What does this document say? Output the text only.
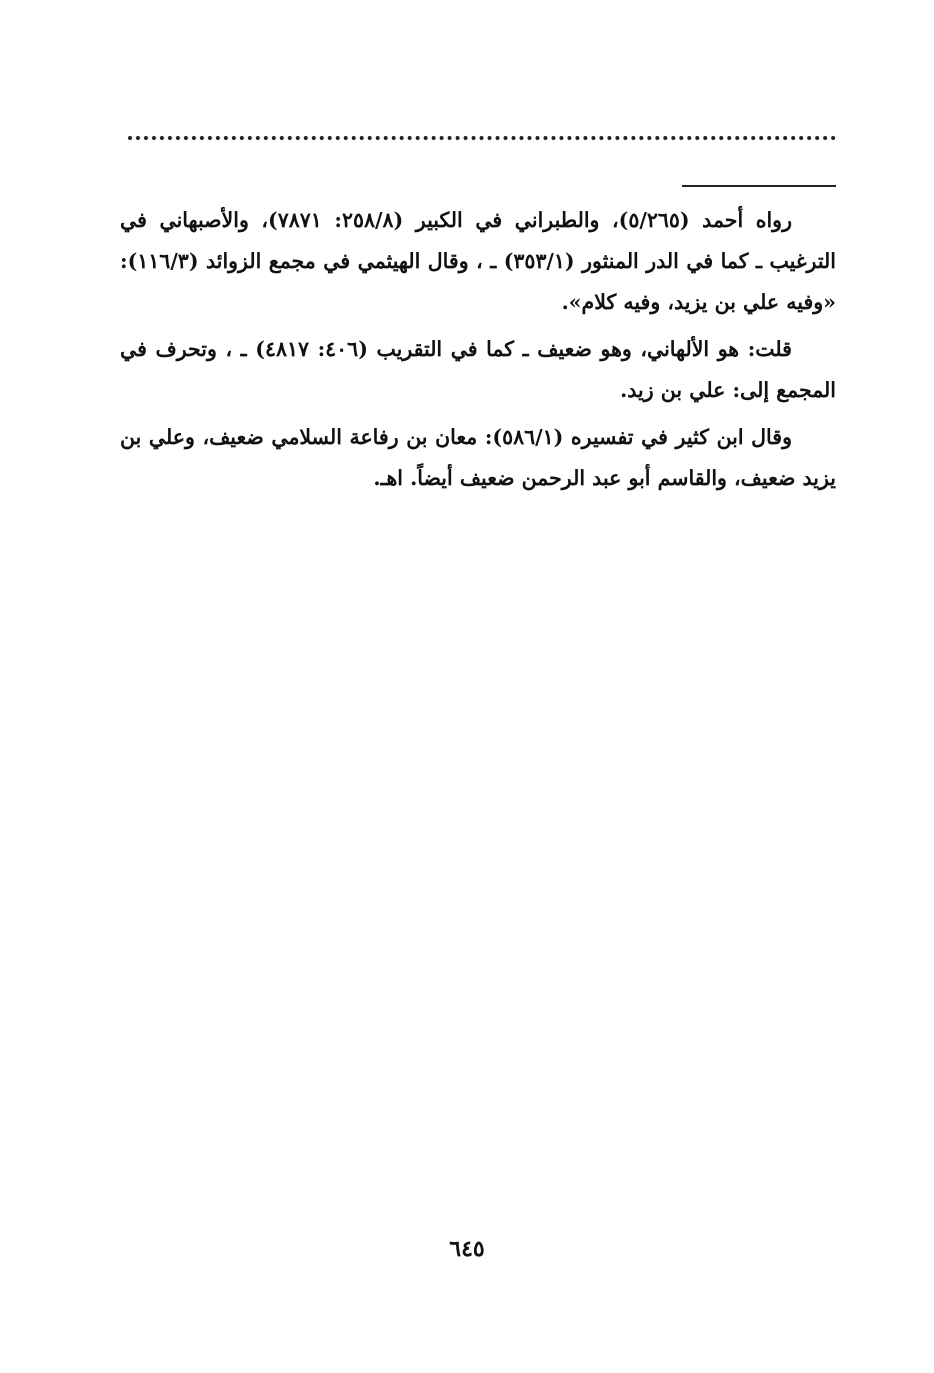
رواه أحمد (٥/٢٦٥)، والطبراني في الكبير (٢٥٨/٨: ٧٨٧١)، والأصبهاني في الترغيب ـ كما في الدر المنثور (٣٥٣/١) ـ ، وقال الهيثمي في مجمع الزوائد (١١٦/٣): «وفيه علي بن يزيد، وفيه كلام».

قلت: هو الألهاني، وهو ضعيف ـ كما في التقريب (٤٠٦: ٤٨١٧) ـ ، وتحرف في المجمع إلى: علي بن زيد.

وقال ابن كثير في تفسيره (٥٨٦/١): معان بن رفاعة السلامي ضعيف، وعلي بن يزيد ضعيف، والقاسم أبو عبد الرحمن ضعيف أيضاً. اهـ.

٦٤٥
